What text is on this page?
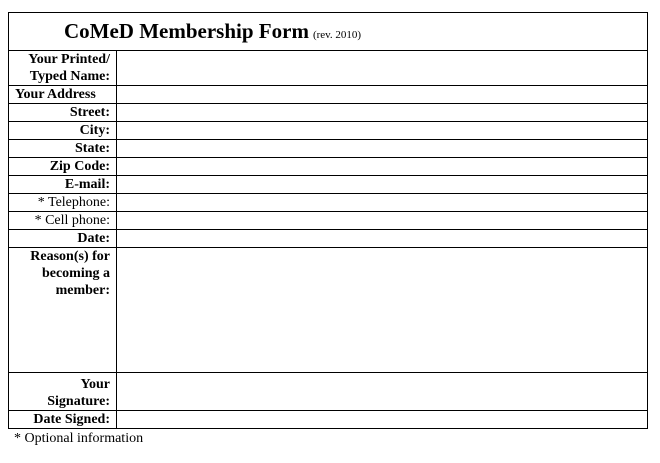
CoMeD Membership Form (rev. 2010)	

Your Printed/
Typed Name:	

Your Address	
Street:	
City:	
State:	
Zip Code:	
E-mail:	
* Telephone:	
* Cell phone:	
Date:	

Reason(s) for
becoming a
member:	

Your
Signature:	

Date Signed:	
* Optional information
